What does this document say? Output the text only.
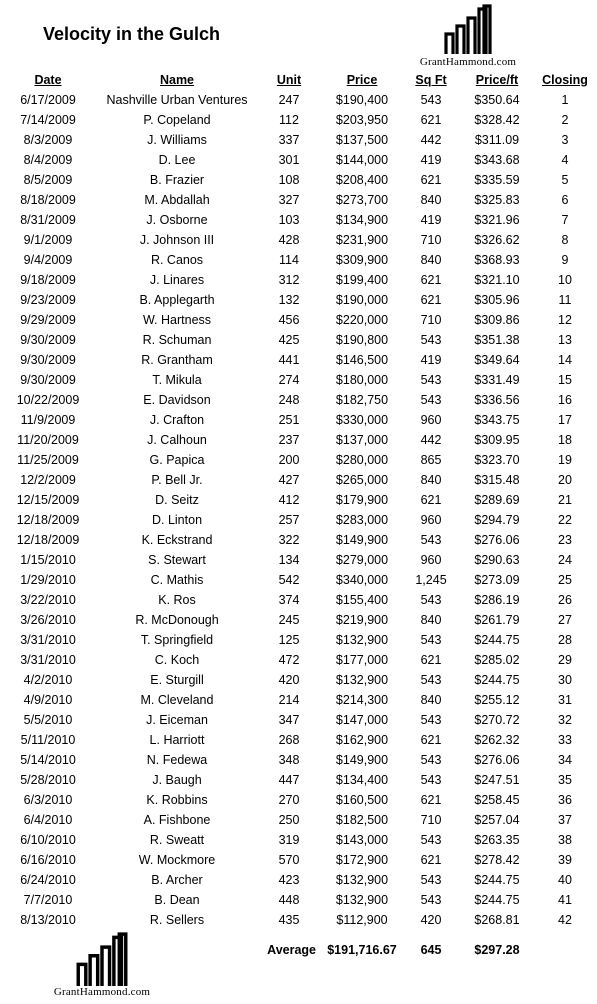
Velocity in the Gulch
GrantHammond.com
Date	Name	Unit	Price	Sq Ft	Price/ft	Closing
6/17/2009	Nashville Urban Ventures	247	$190,400	543	$350.64	1
7/14/2009	P. Copeland	112	$203,950	621	$328.42	2
8/3/2009	J. Williams	337	$137,500	442	$311.09	3
8/4/2009	D. Lee	301	$144,000	419	$343.68	4
8/5/2009	B. Frazier	108	$208,400	621	$335.59	5
8/18/2009	M. Abdallah	327	$273,700	840	$325.83	6
8/31/2009	J. Osborne	103	$134,900	419	$321.96	7
9/1/2009	J. Johnson III	428	$231,900	710	$326.62	8
9/4/2009	R. Canos	114	$309,900	840	$368.93	9
9/18/2009	J. Linares	312	$199,400	621	$321.10	10
9/23/2009	B. Applegarth	132	$190,000	621	$305.96	11
9/29/2009	W. Hartness	456	$220,000	710	$309.86	12
9/30/2009	R. Schuman	425	$190,800	543	$351.38	13
9/30/2009	R. Grantham	441	$146,500	419	$349.64	14
9/30/2009	T. Mikula	274	$180,000	543	$331.49	15
10/22/2009	E. Davidson	248	$182,750	543	$336.56	16
11/9/2009	J. Crafton	251	$330,000	960	$343.75	17
11/20/2009	J. Calhoun	237	$137,000	442	$309.95	18
11/25/2009	G. Papica	200	$280,000	865	$323.70	19
12/2/2009	P. Bell Jr.	427	$265,000	840	$315.48	20
12/15/2009	D. Seitz	412	$179,900	621	$289.69	21
12/18/2009	D. Linton	257	$283,000	960	$294.79	22
12/18/2009	K. Eckstrand	322	$149,900	543	$276.06	23
1/15/2010	S. Stewart	134	$279,000	960	$290.63	24
1/29/2010	C. Mathis	542	$340,000	1,245	$273.09	25
3/22/2010	K. Ros	374	$155,400	543	$286.19	26
3/26/2010	R. McDonough	245	$219,900	840	$261.79	27
3/31/2010	T. Springfield	125	$132,900	543	$244.75	28
3/31/2010	C. Koch	472	$177,000	621	$285.02	29
4/2/2010	E. Sturgill	420	$132,900	543	$244.75	30
4/9/2010	M. Cleveland	214	$214,300	840	$255.12	31
5/5/2010	J. Eiceman	347	$147,000	543	$270.72	32
5/11/2010	L. Harriott	268	$162,900	621	$262.32	33
5/14/2010	N. Fedewa	348	$149,900	543	$276.06	34
5/28/2010	J. Baugh	447	$134,400	543	$247.51	35
6/3/2010	K. Robbins	270	$160,500	621	$258.45	36
6/4/2010	A. Fishbone	250	$182,500	710	$257.04	37
6/10/2010	R. Sweatt	319	$143,000	543	$263.35	38
6/16/2010	W. Mockmore	570	$172,900	621	$278.42	39
6/24/2010	B. Archer	423	$132,900	543	$244.75	40
7/7/2010	B. Dean	448	$132,900	543	$244.75	41
8/13/2010	R. Sellers	435	$112,900	420	$268.81	42
	Average		$191,716.67	645	$297.28	
GrantHammond.com
